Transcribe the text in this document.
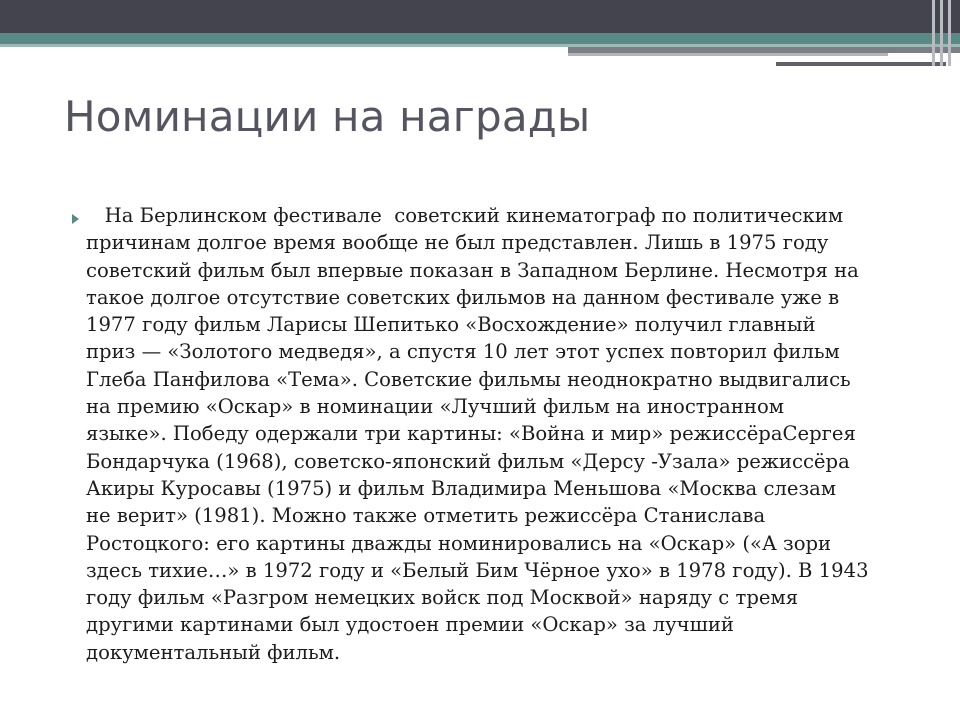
Номинации на награды
На Берлинском фестивале  советский кинематограф по политическим
причинам долгое время вообще не был представлен. Лишь в 1975 году
советский фильм был впервые показан в Западном Берлине. Несмотря на
такое долгое отсутствие советских фильмов на данном фестивале уже в
1977 году фильм Ларисы Шепитько «Восхождение» получил главный
приз — «Золотого медведя», а спустя 10 лет этот успех повторил фильм
Глеба Панфилова «Тема». Советские фильмы неоднократно выдвигались
на премию «Оскар» в номинации «Лучший фильм на иностранном
языке». Победу одержали три картины: «Война и мир» режиссёраСергея
Бондарчука (1968), советско-японский фильм «Дерсу -Узала» режиссёра
Акиры Куросавы (1975) и фильм Владимира Меньшова «Москва слезам
не верит» (1981). Можно также отметить режиссёра Станислава
Ростоцкого: его картины дважды номинировались на «Оскар» («А зори
здесь тихие…» в 1972 году и «Белый Бим Чёрное ухо» в 1978 году). В 1943
году фильм «Разгром немецких войск под Москвой» наряду с тремя
другими картинами был удостоен премии «Оскар» за лучший
документальный фильм.
